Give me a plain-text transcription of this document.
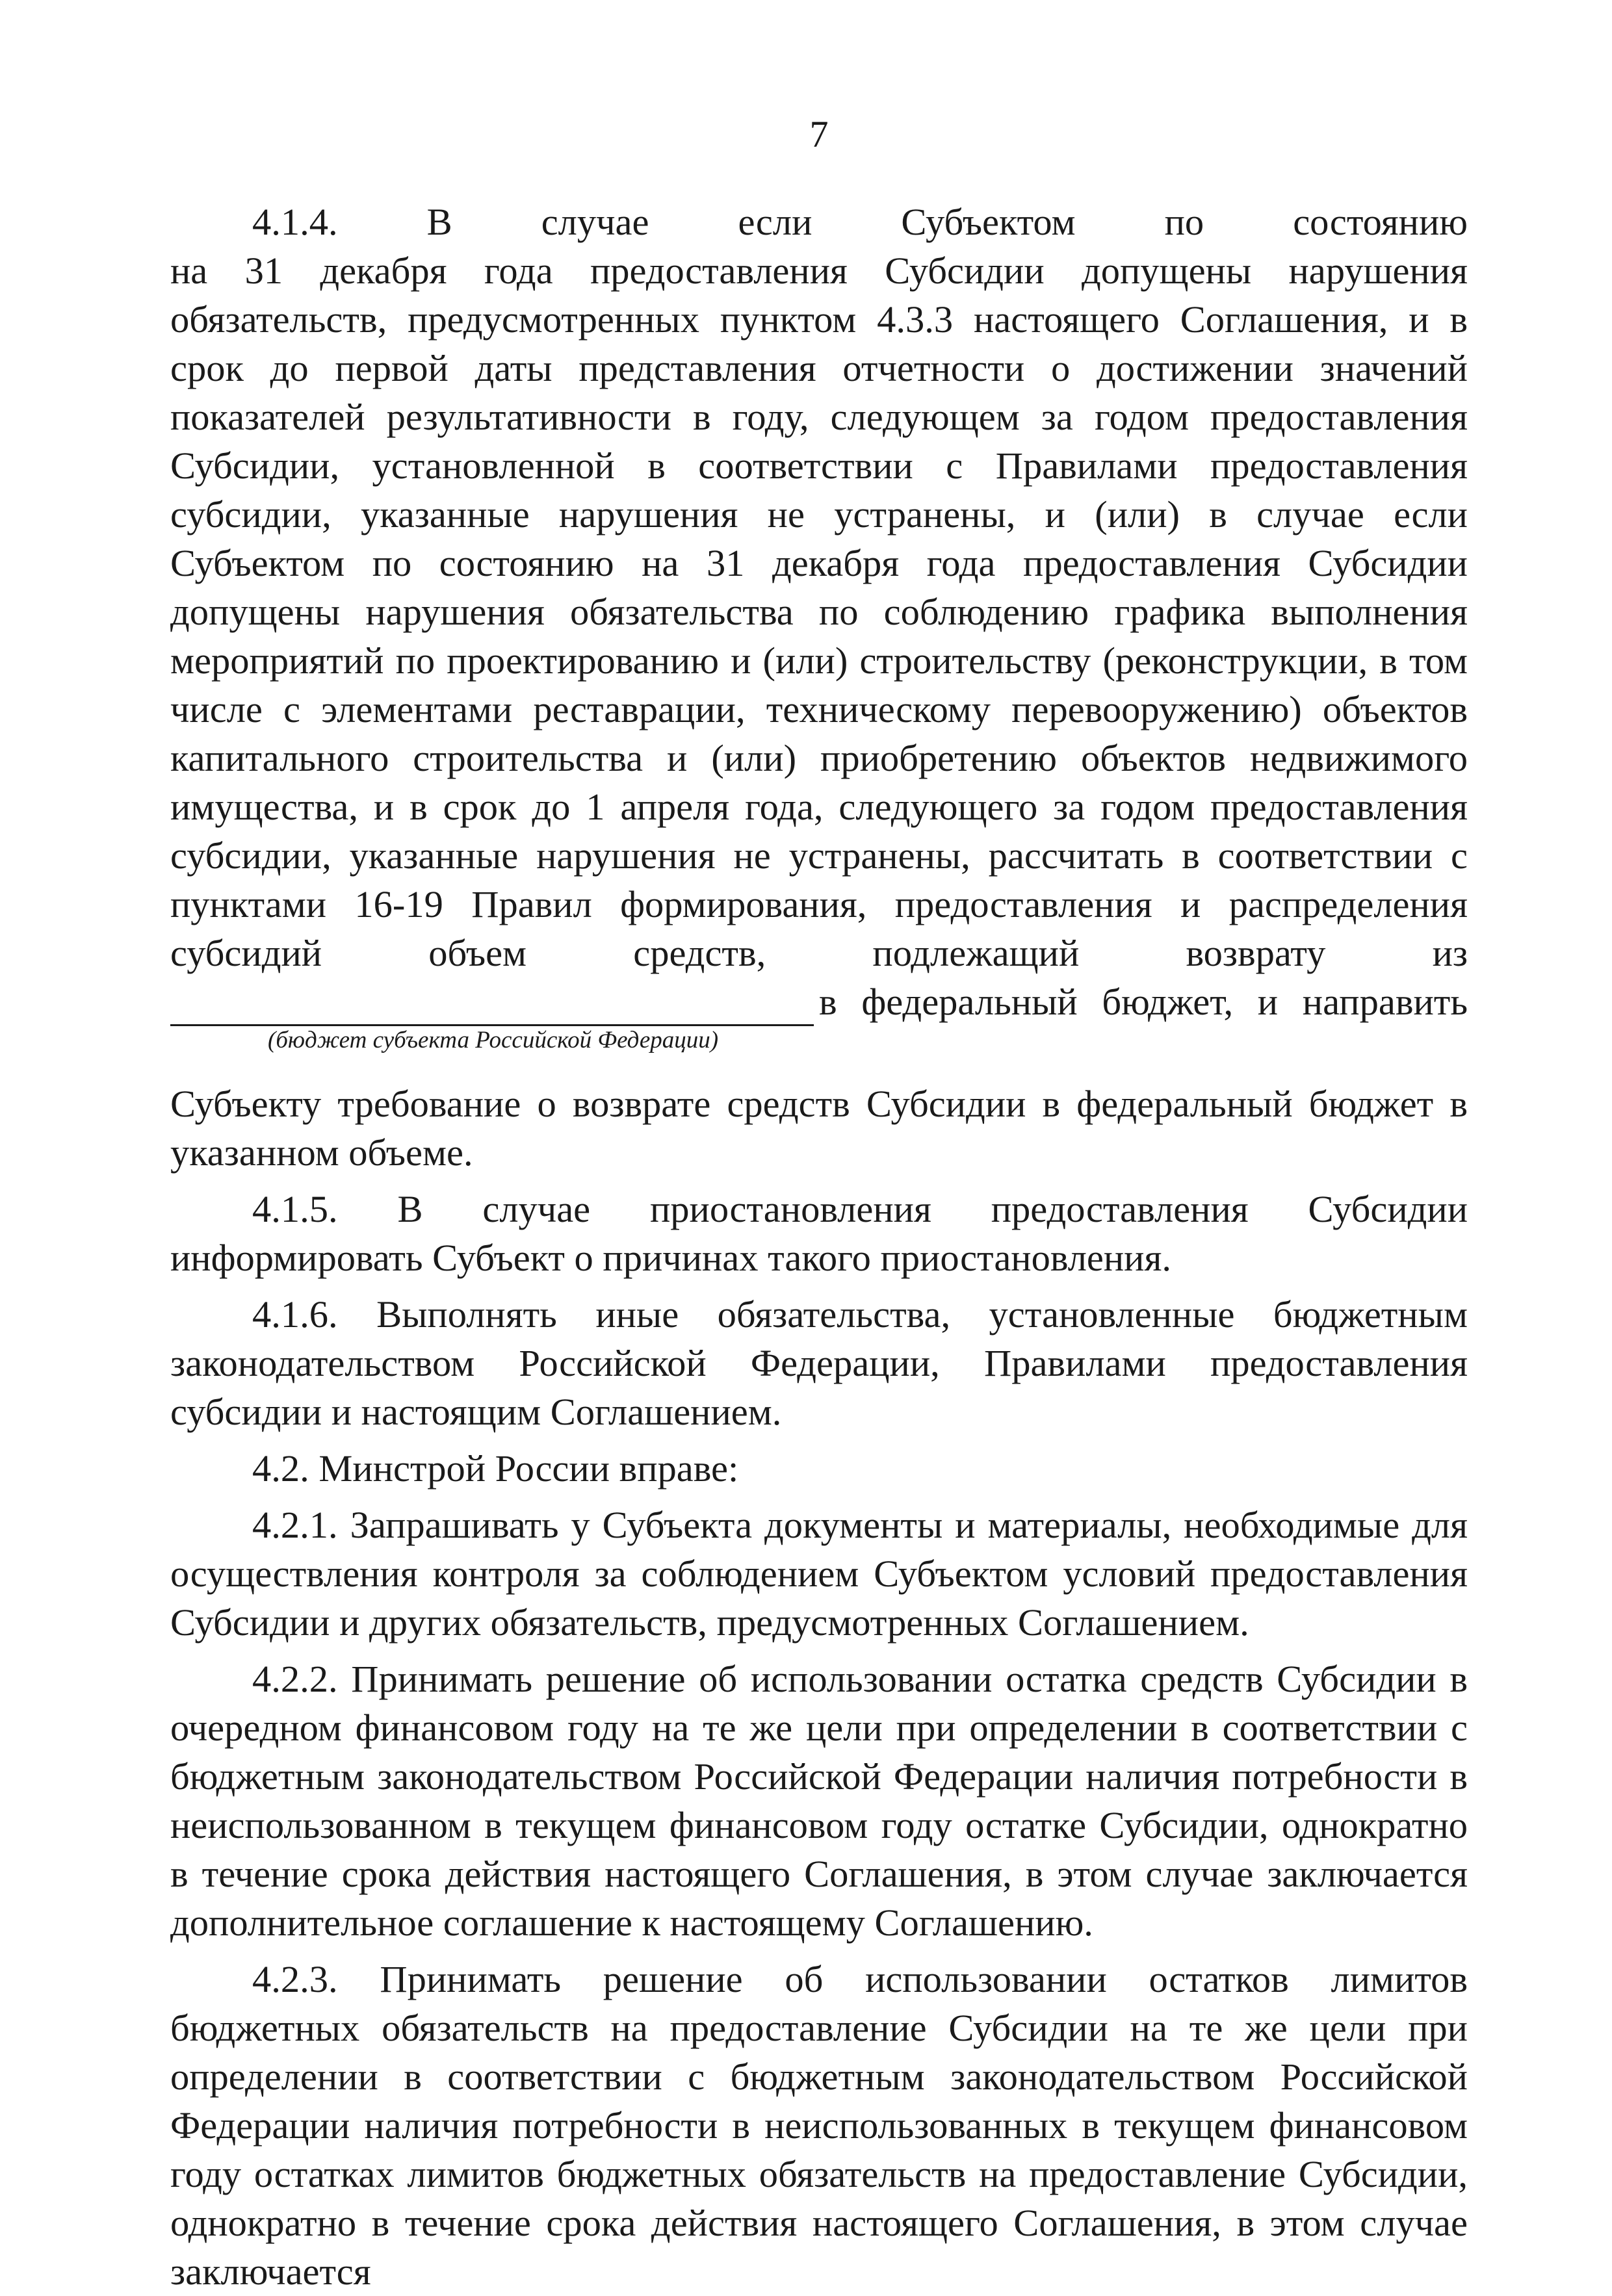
7

4.1.4. В случае если Субъектом по состоянию

на 31 декабря года предоставления Субсидии допущены нарушения обязательств, предусмотренных пунктом 4.3.3 настоящего Соглашения, и в срок до первой даты представления отчетности о достижении значений показателей результативности в году, следующем за годом предоставления Субсидии, установленной в соответствии с Правилами предоставления субсидии, указанные нарушения не устранены, и (или) в случае если Субъектом по состоянию на 31 декабря года предоставления Субсидии допущены нарушения обязательства по соблюдению графика выполнения мероприятий по проектированию и (или) строительству (реконструкции, в том числе с элементами реставрации, техническому перевооружению) объектов капитального строительства и (или) приобретению объектов недвижимого имущества, и в срок до 1 апреля года, следующего за годом предоставления субсидии, указанные нарушения не устранены, рассчитать в соответствии с пунктами 16-19 Правил формирования, предоставления и распределения субсидий объем средств, подлежащий возврату из

в федеральный бюджет, и направить

(бюджет субъекта Российской Федерации)

Субъекту требование о возврате средств Субсидии в федеральный бюджет в указанном объеме.

4.1.5. В случае приостановления предоставления Субсидии информировать Субъект о причинах такого приостановления.

4.1.6. Выполнять иные обязательства, установленные бюджетным законодательством Российской Федерации, Правилами предоставления субсидии и настоящим Соглашением.

4.2. Минстрой России вправе:

4.2.1. Запрашивать у Субъекта документы и материалы, необходимые для осуществления контроля за соблюдением Субъектом условий предоставления Субсидии и других обязательств, предусмотренных Соглашением.

4.2.2. Принимать решение об использовании остатка средств Субсидии в очередном финансовом году на те же цели при определении в соответствии с бюджетным законодательством Российской Федерации наличия потребности в неиспользованном в текущем финансовом году остатке Субсидии, однократно в течение срока действия настоящего Соглашения, в этом случае заключается дополнительное соглашение к настоящему Соглашению.

4.2.3. Принимать решение об использовании остатков лимитов бюджетных обязательств на предоставление Субсидии на те же цели при определении в соответствии с бюджетным законодательством Российской Федерации наличия потребности в неиспользованных в текущем финансовом году остатках лимитов бюджетных обязательств на предоставление Субсидии, однократно в течение срока действия настоящего Соглашения, в этом случае заключается
